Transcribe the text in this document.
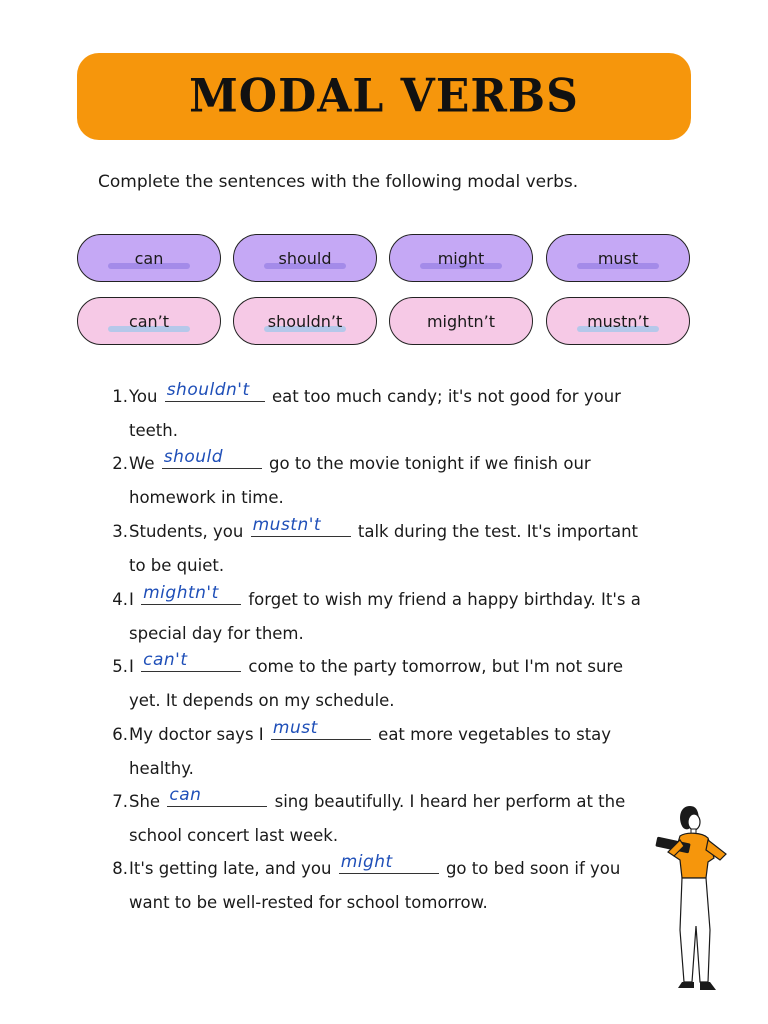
MODAL VERBS
Complete the sentences with the following modal verbs.
can	should	might	must
can’t	shouldn’t	mightn’t	mustn’t
1. You shouldn't eat too much candy; it's not good for your
teeth.
2. We should	go to the movie tonight if we finish our
homework in time.
3. Students, you mustn't talk during the test. It's important
to be quiet.
4. I mightn't forget to wish my friend a happy birthday. It's a
special day for them.
5. I can't	come to the party tomorrow, but I'm not sure
yet. It depends on my schedule.
6. My doctor says I must	eat more vegetables to stay
healthy.
7. She can	sing beautifully. I heard her perform at the
school concert last week.
8. It's getting late, and you might	go to bed soon if you
want to be well-rested for school tomorrow.
